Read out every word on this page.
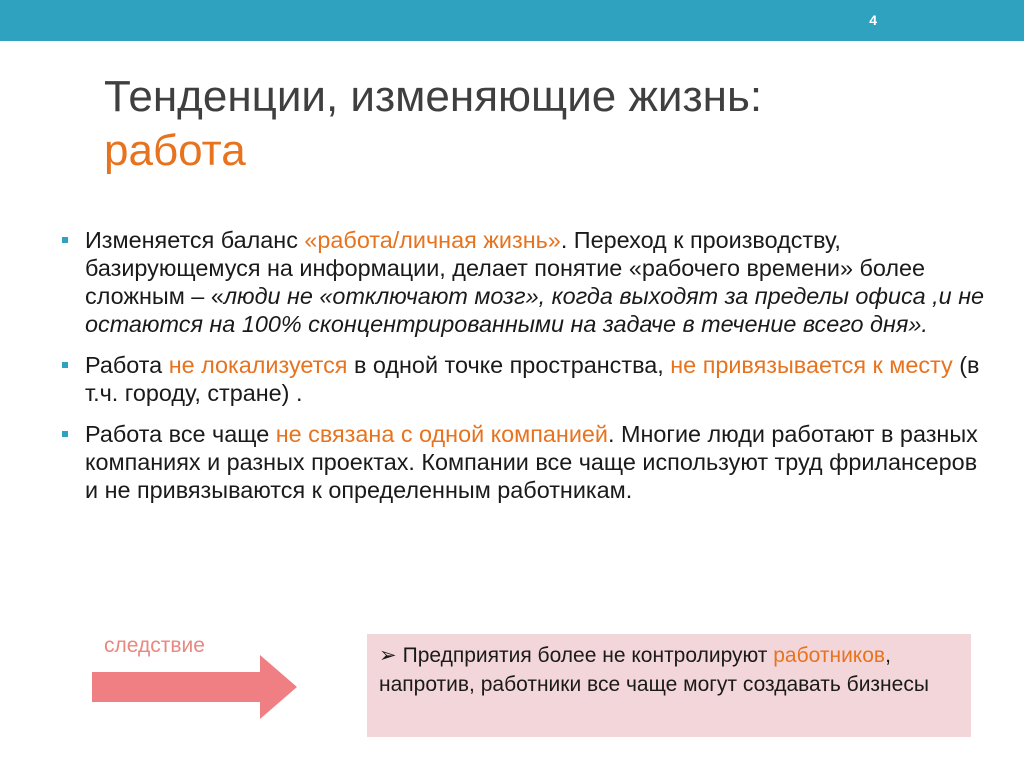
4
Тенденции, изменяющие жизнь:
работа
Изменяется баланс «работа/личная жизнь». Переход к производству, базирующемуся на информации, делает понятие «рабочего времени» более сложным – «люди не «отключают мозг», когда выходят за пределы офиса ,и не остаются на 100% сконцентрированными на задаче в течение всего дня».
Работа не локализуется в одной точке пространства, не привязывается к месту (в т.ч. городу, стране) .
Работа все чаще не связана с одной компанией. Многие люди работают в разных компаниях и разных проектах. Компании все чаще используют труд фрилансеров и не привязываются к определенным работникам.
следствие	➢ Предприятия более не контролируют работников, напротив, работники все чаще могут создавать бизнесы
